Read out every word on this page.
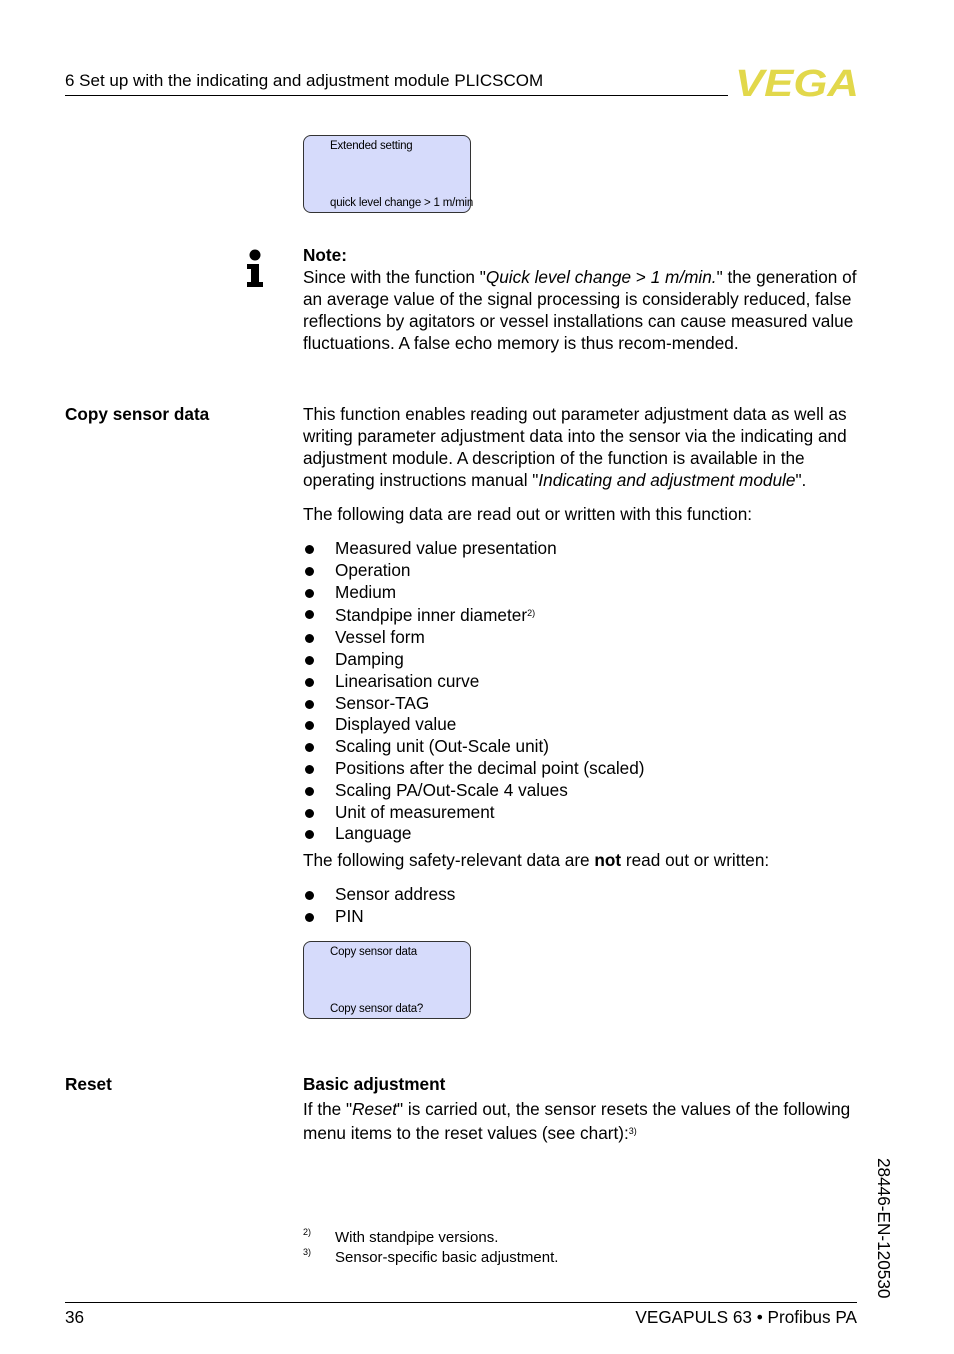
6 Set up with the indicating and adjustment module PLICSCOM	VEGA
Extended setting
quick level change > 1 m/min
Note:
Since with the function "Quick level change > 1 m/min." the generation of an average value of the signal processing is considerably reduced, false reflections by agitators or vessel installations can cause measured value fluctuations. A false echo memory is thus recom-mended.
Copy sensor data	This function enables reading out parameter adjustment data as well as writing parameter adjustment data into the sensor via the indicating and adjustment module. A description of the function is available in the operating instructions manual "Indicating and adjustment module".
The following data are read out or written with this function:
Measured value presentation
Operation
Medium
Standpipe inner diameter$^{2)}$
Vessel form
Damping
Linearisation curve
Sensor-TAG
Displayed value
Scaling unit (Out-Scale unit)
Positions after the decimal point (scaled)
Scaling PA/Out-Scale 4 values
Unit of measurement
Language
The following safety-relevant data are not read out or written:
Sensor address
PIN
Copy sensor data
Copy sensor data?
Reset	Basic adjustment
If the "Reset" is carried out, the sensor resets the values of the following menu items to the reset values (see chart):$^{3)}$
2) With standpipe versions.
3) Sensor-specific basic adjustment.	28446-EN-120530
36	VEGAPULS 63 • Profibus PA
